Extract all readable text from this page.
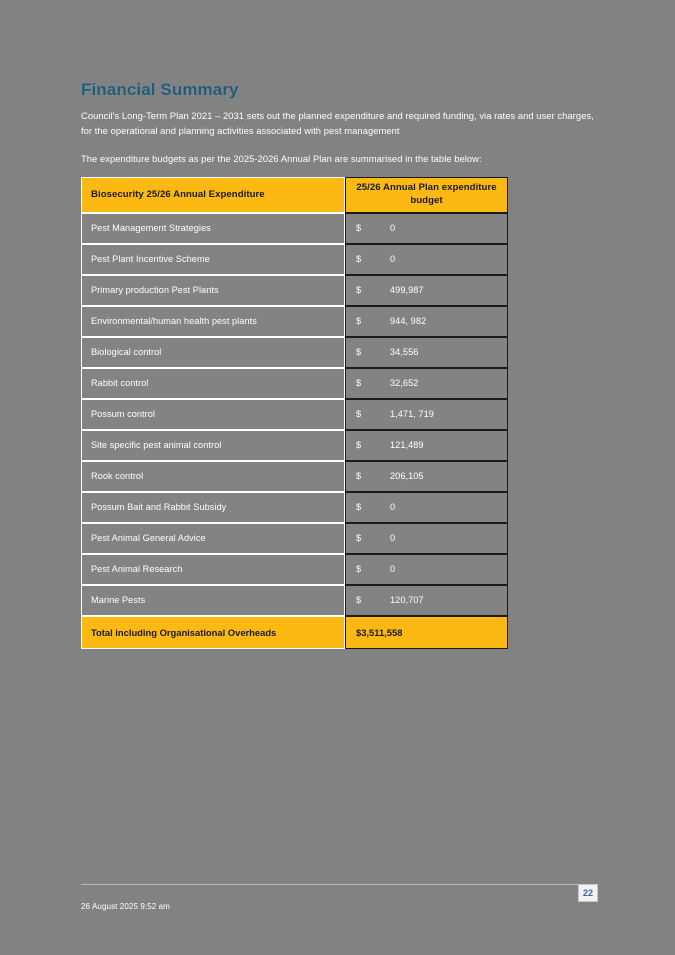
Financial Summary

Council's Long-Term Plan 2021 – 2031 sets out the planned expenditure and required funding, via rates and user charges, for the operational and planning activities associated with pest management

The expenditure budgets as per the 2025-2026 Annual Plan are summarised in the table below:

Biosecurity 25/26 Annual Expenditure	25/26 Annual Plan expenditure budget

Pest Management Strategies	$ 0

Pest Plant Incentive Scheme	$ 0

Primary production Pest Plants	$ 499,987

Environmental/human health pest plants	$ 944, 982

Biological control	$ 34,556

Rabbit control	$ 32,652

Possum control	$ 1,471, 719

Site specific pest animal control	$ 121,489

Rook control	$ 206,105

Possum Bait and Rabbit Subsidy	$ 0

Pest Animal General Advice	$ 0

Pest Animal Research	$ 0

Marine Pests	$ 120,707

Total including Organisational Overheads	$3,511,558
26 August 2025 9:52 am
22
